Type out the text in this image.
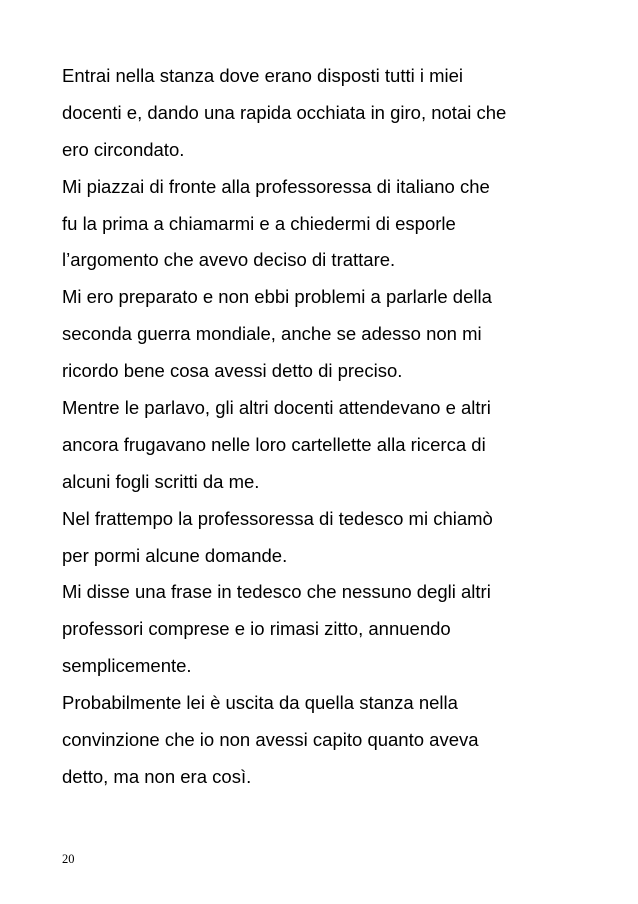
Entrai nella stanza dove erano disposti tutti i miei
docenti e, dando una rapida occhiata in giro, notai che
ero circondato.
Mi piazzai di fronte alla professoressa di italiano che
fu la prima a chiamarmi e a chiedermi di esporle
l’argomento che avevo deciso di trattare.
Mi ero preparato e non ebbi problemi a parlarle della
seconda guerra mondiale, anche se adesso non mi
ricordo bene cosa avessi detto di preciso.
Mentre le parlavo, gli altri docenti attendevano e altri
ancora frugavano nelle loro cartellette alla ricerca di
alcuni fogli scritti da me.
Nel frattempo la professoressa di tedesco mi chiamò
per pormi alcune domande.
Mi disse una frase in tedesco che nessuno degli altri
professori comprese e io rimasi zitto, annuendo
semplicemente.
Probabilmente lei è uscita da quella stanza nella
convinzione che io non avessi capito quanto aveva
detto, ma non era così.
20
